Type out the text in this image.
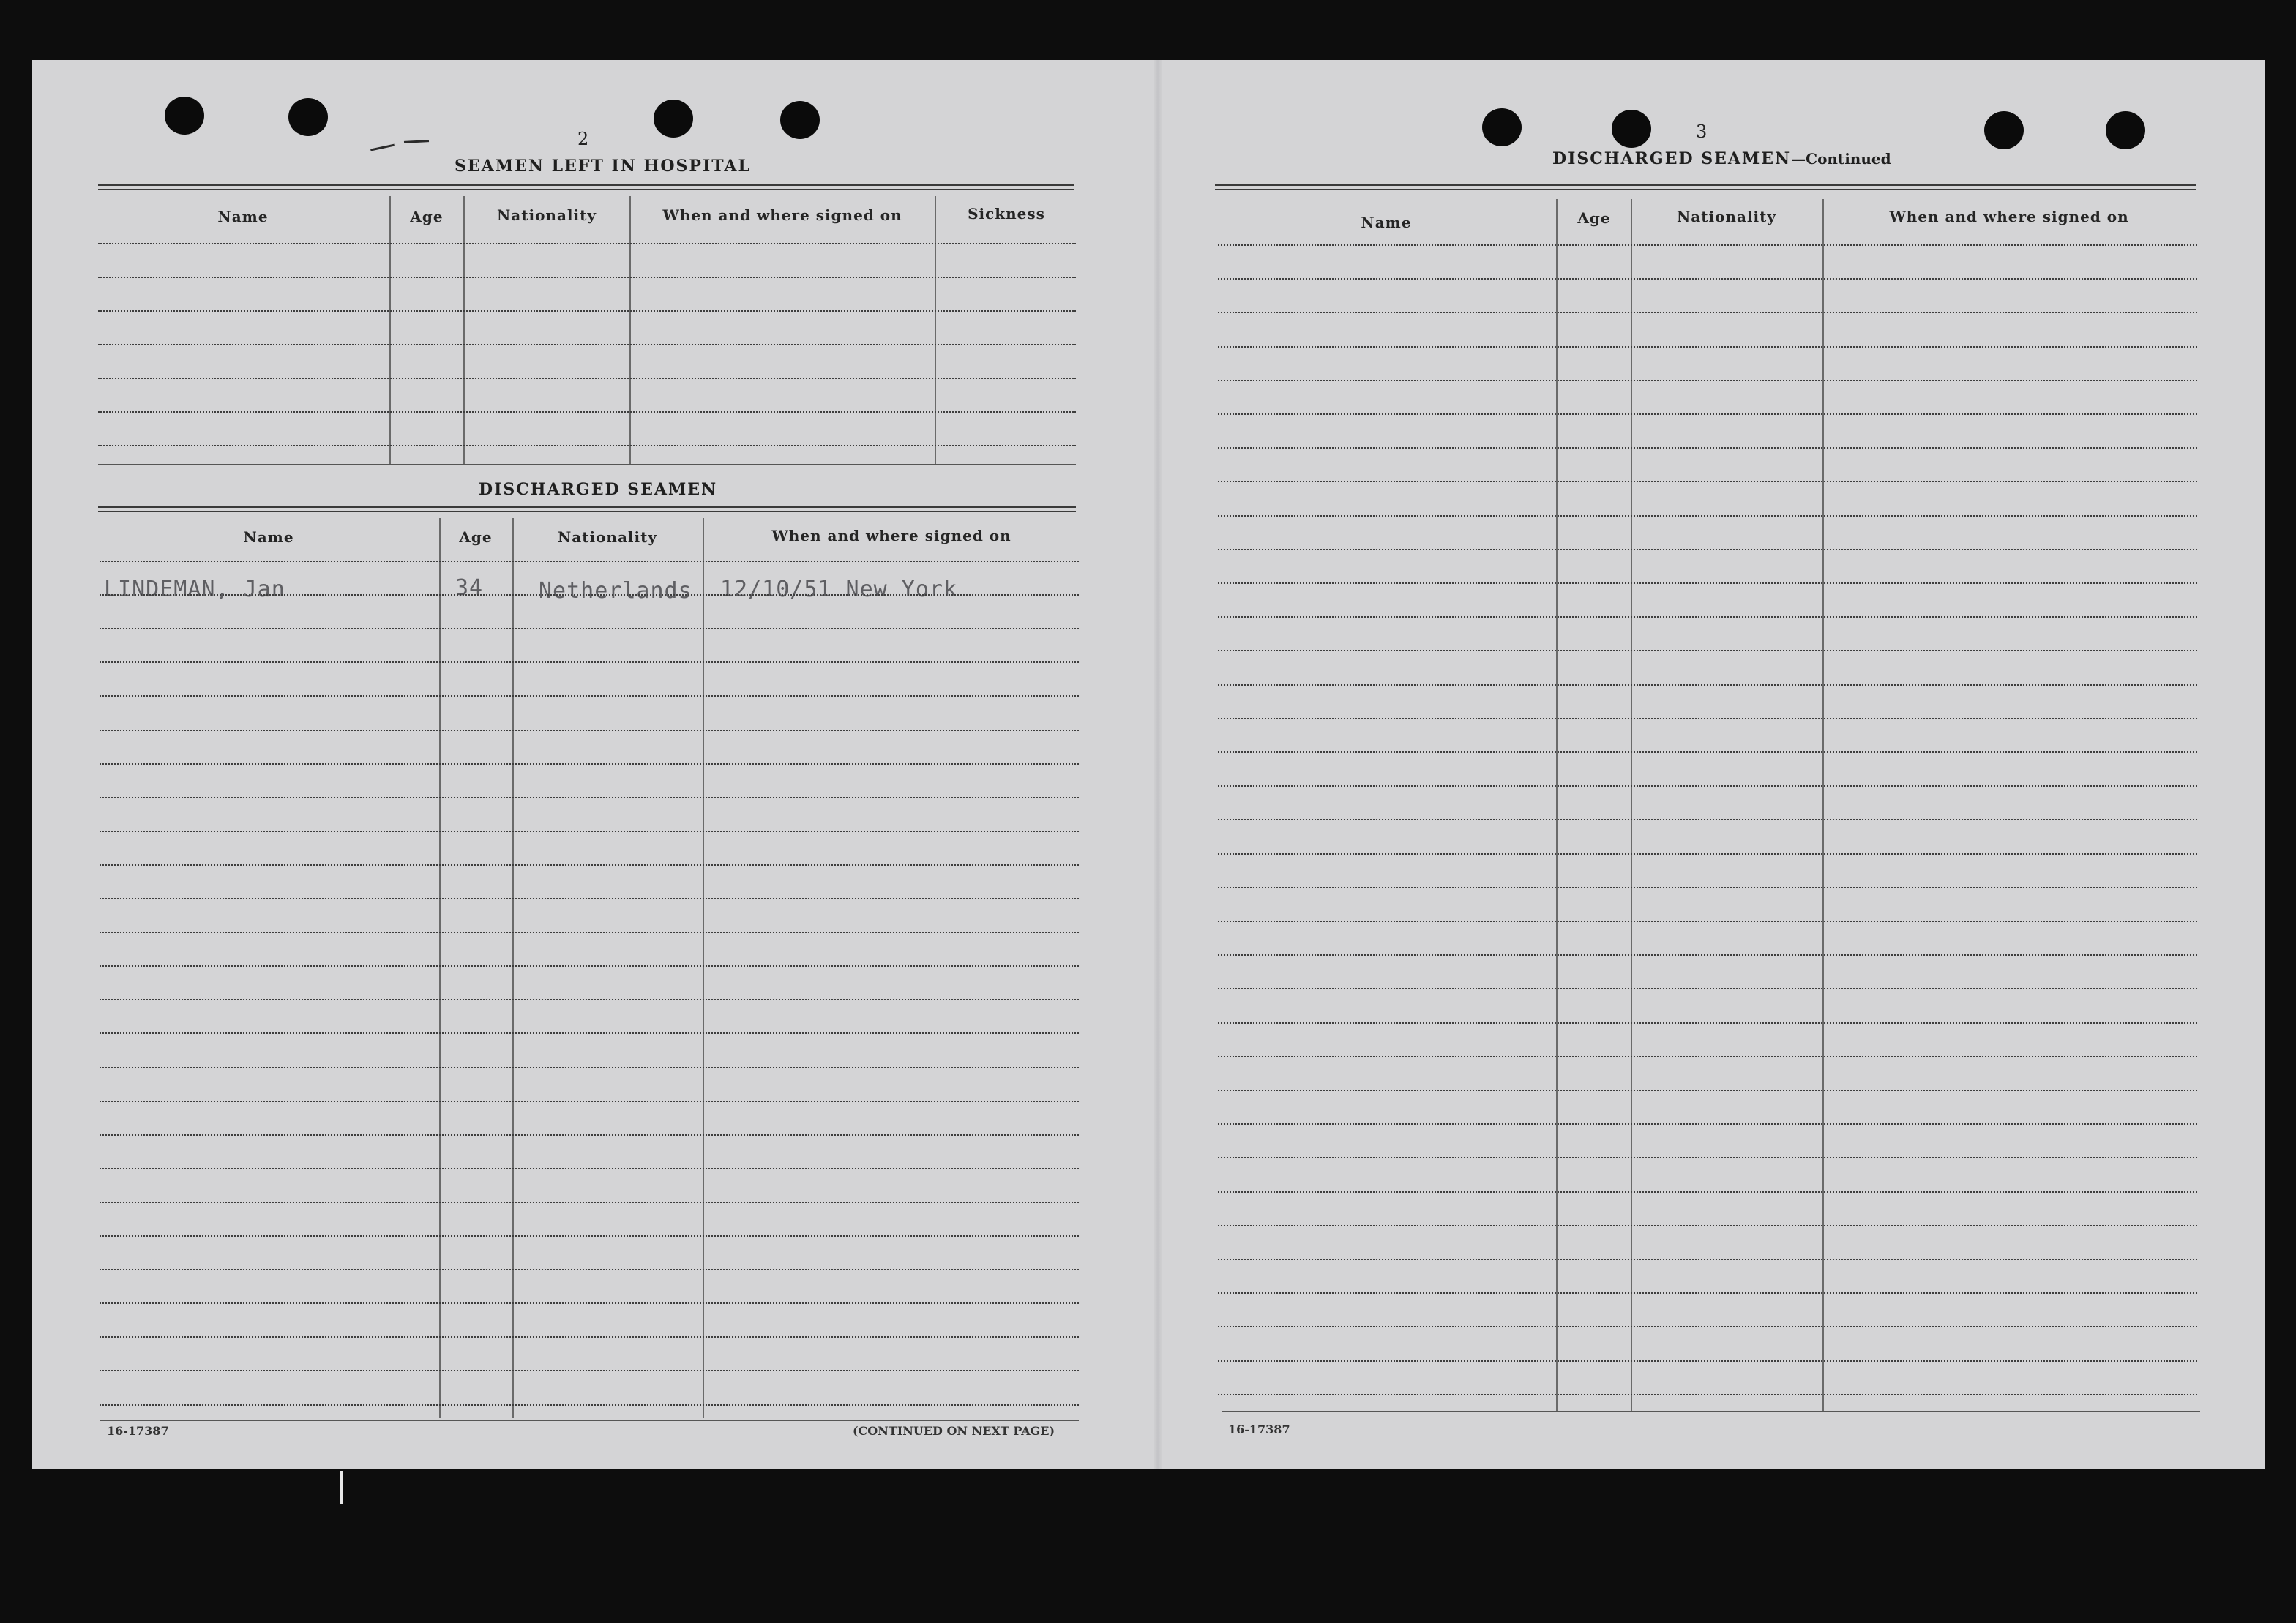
2
SEAMEN LEFT IN HOSPITAL
Name	Age	Nationality	When and where signed on	Sickness
DISCHARGED SEAMEN
Name	Age	Nationality	When and where signed on
LINDEMAN, Jan	34	Netherlands 12/10/51 New York
16-17387	(CONTINUED ON NEXT PAGE)
3
DISCHARGED SEAMEN—Continued
Name	Age	Nationality	When and where signed on
16-17387
